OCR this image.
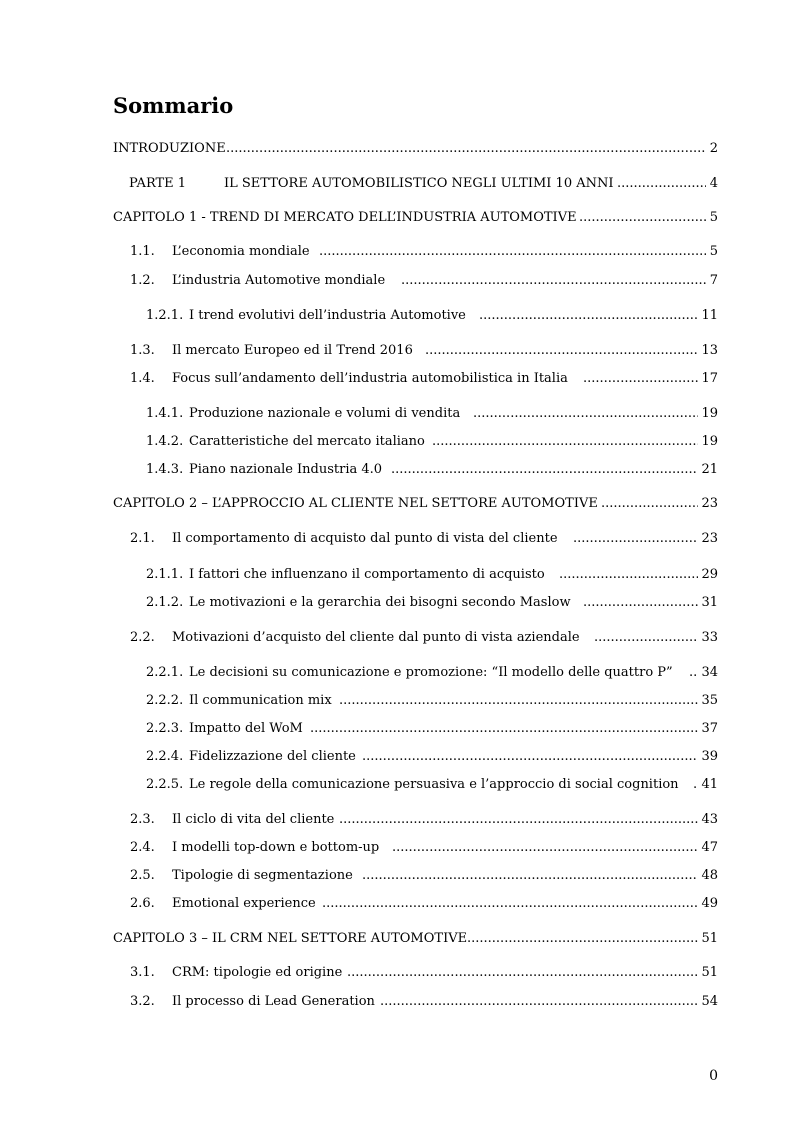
Sommario
INTRODUZIONE .....	2
PARTE 1	IL SETTORE AUTOMOBILISTICO NEGLI ULTIMI 10 ANNI .....	4
CAPITOLO 1 - TREND DI MERCATO DELL’INDUSTRIA AUTOMOTIVE .....	5
1.1. L’economia mondiale .....	5
1.2. L’industria Automotive mondiale .....	7
1.2.1. I trend evolutivi dell’industria Automotive .....	11
1.3. Il mercato Europeo ed il Trend 2016 .....	13
1.4. Focus sull’andamento dell’industria automobilistica in Italia .....	17
1.4.1. Produzione nazionale e volumi di vendita .....	19
1.4.2. Caratteristiche del mercato italiano .....	19
1.4.3. Piano nazionale Industria 4.0 .....	21
CAPITOLO 2 – L’APPROCCIO AL CLIENTE NEL SETTORE AUTOMOTIVE .....	23
2.1. Il comportamento di acquisto dal punto di vista del cliente .....	23
2.1.1. I fattori che influenzano il comportamento di acquisto .....	29
2.1.2. Le motivazioni e la gerarchia dei bisogni secondo Maslow .....	31
2.2. Motivazioni d’acquisto del cliente dal punto di vista aziendale .....	33
2.2.1. Le decisioni su comunicazione e promozione: “Il modello delle quattro P” ..... 34
2.2.2. Il communication mix .....	35
2.2.3. Impatto del WoM .....	37
2.2.4. Fidelizzazione del cliente .....	39
2.2.5. Le regole della comunicazione persuasiva e l’approccio di social cognition ..... 41
2.3. Il ciclo di vita del cliente .....	43
2.4. I modelli top-down e bottom-up .....	47
2.5. Tipologie di segmentazione .....	48
2.6. Emotional experience .....	49
CAPITOLO 3 – IL CRM NEL SETTORE AUTOMOTIVE .....	51
3.1. CRM: tipologie ed origine .....	51
3.2. Il processo di Lead Generation .....	54
0
